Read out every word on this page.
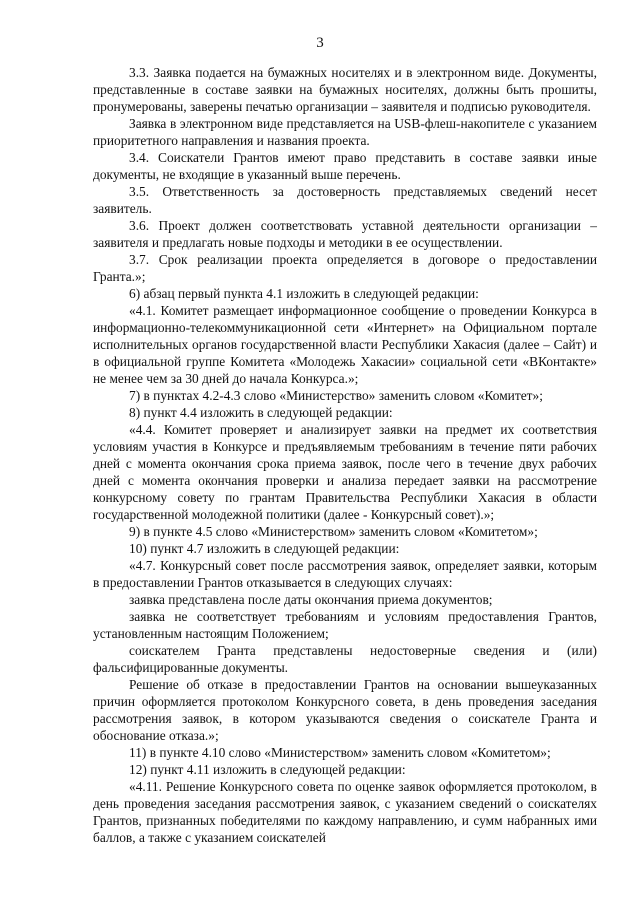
3

3.3. Заявка подается на бумажных носителях и в электронном виде. Документы, представленные в составе заявки на бумажных носителях, должны быть прошиты, пронумерованы, заверены печатью организации – заявителя и подписью руководителя.

Заявка в электронном виде представляется на USB-флеш-накопителе с указанием приоритетного направления и названия проекта.

3.4. Соискатели Грантов имеют право представить в составе заявки иные документы, не входящие в указанный выше перечень.

3.5. Ответственность за достоверность представляемых сведений несет заявитель.

3.6. Проект должен соответствовать уставной деятельности организации – заявителя и предлагать новые подходы и методики в ее осуществлении.

3.7. Срок реализации проекта определяется в договоре о предоставлении Гранта.»;

6) абзац первый пункта 4.1 изложить в следующей редакции:

«4.1. Комитет размещает информационное сообщение о проведении Конкурса в информационно-телекоммуникационной сети «Интернет» на Официальном портале исполнительных органов государственной власти Республики Хакасия (далее – Сайт) и в официальной группе Комитета «Молодежь Хакасии» социальной сети «ВКонтакте» не менее чем за 30 дней до начала Конкурса.»;

7) в пунктах 4.2-4.3 слово «Министерство» заменить словом «Комитет»;

8) пункт 4.4 изложить в следующей редакции:

«4.4. Комитет проверяет и анализирует заявки на предмет их соответствия условиям участия в Конкурсе и предъявляемым требованиям в течение пяти рабочих дней с момента окончания срока приема заявок, после чего в течение двух рабочих дней с момента окончания проверки и анализа передает заявки на рассмотрение конкурсному совету по грантам Правительства Республики Хакасия в области государственной молодежной политики (далее - Конкурсный совет).»;

9) в пункте 4.5 слово «Министерством» заменить словом «Комитетом»;

10) пункт 4.7 изложить в следующей редакции:

«4.7. Конкурсный совет после рассмотрения заявок, определяет заявки, которым в предоставлении Грантов отказывается в следующих случаях:

заявка представлена после даты окончания приема документов;

заявка не соответствует требованиям и условиям предоставления Грантов, установленным настоящим Положением;

соискателем Гранта представлены недостоверные сведения и (или) фальсифицированные документы.

Решение об отказе в предоставлении Грантов на основании вышеуказанных причин оформляется протоколом Конкурсного совета, в день проведения заседания рассмотрения заявок, в котором указываются сведения о соискателе Гранта и обоснование отказа.»;

11) в пункте 4.10 слово «Министерством» заменить словом «Комитетом»;

12) пункт 4.11 изложить в следующей редакции:

«4.11. Решение Конкурсного совета по оценке заявок оформляется протоколом, в день проведения заседания рассмотрения заявок, с указанием сведений о соискателях Грантов, признанных победителями по каждому направлению, и сумм набранных ими баллов, а также с указанием соискателей
